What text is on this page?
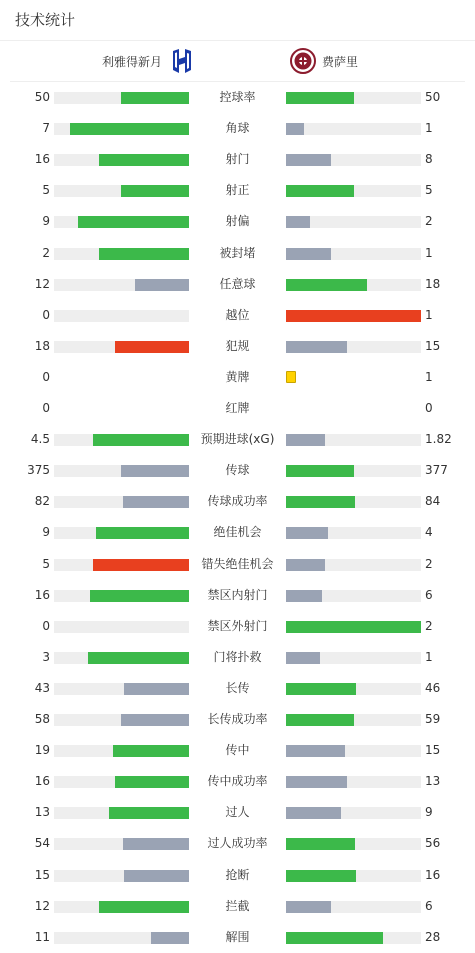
技术统计
利雅得新月	费萨里
50	控球率	50
7	角球	1
16	射门	8
5	射正	5
9	射偏	2
2	被封堵	1
12	任意球	18
0	越位	1
18	犯规	15
0	黄牌	1
0	红牌	0
4.5	预期进球(xG)	1.82
375	传球	377
82	传球成功率	84
9	绝佳机会	4
5	错失绝佳机会	2
16	禁区内射门	6
0	禁区外射门	2
3	门将扑救	1
43	长传	46
58	长传成功率	59
19	传中	15
16	传中成功率	13
13	过人	9
54	过人成功率	56
15	抢断	16
12	拦截	6
11	解围	28
